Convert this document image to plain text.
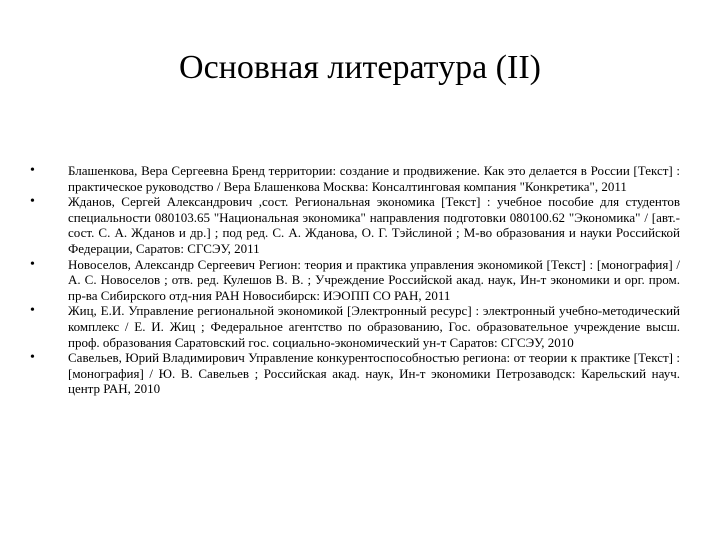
Основная литература (II)
•	Блашенкова, Вера Сергеевна Бренд территории: создание и продвижение. Как это делается в России [Текст] : практическое руководство / Вера Блашенкова Москва: Консалтинговая компания "Конкретика", 2011
•	Жданов, Сергей Александрович ,сост. Региональная экономика [Текст] : учебное пособие для студентов специальности 080103.65 "Национальная экономика" направления подготовки 080100.62 "Экономика" / [авт.-сост. С. А. Жданов и др.] ; под ред. С. А. Жданова, О. Г. Тэйслиной ; М-во образования и науки Российской Федерации, Саратов: СГСЭУ, 2011
•	Новоселов, Александр Сергеевич Регион: теория и практика управления экономикой [Текст] : [монография] / А. С. Новоселов ; отв. ред. Кулешов В. В. ; Учреждение Российской акад. наук, Ин-т экономики и орг. пром. пр-ва Сибирского отд-ния РАН Новосибирск: ИЭОПП СО РАН, 2011
•	Жиц, Е.И. Управление региональной экономикой [Электронный ресурс] : электронный учебно-методический комплекс / Е. И. Жиц ; Федеральное агентство по образованию, Гос. образовательное учреждение высш. проф. образования Саратовский гос. социально-экономический ун-т Саратов: СГСЭУ, 2010
•	Савельев, Юрий Владимирович Управление конкурентоспособностью региона: от теории к практике [Текст] : [монография] / Ю. В. Савельев ; Российская акад. наук, Ин-т экономики Петрозаводск: Карельский науч. центр РАН, 2010
